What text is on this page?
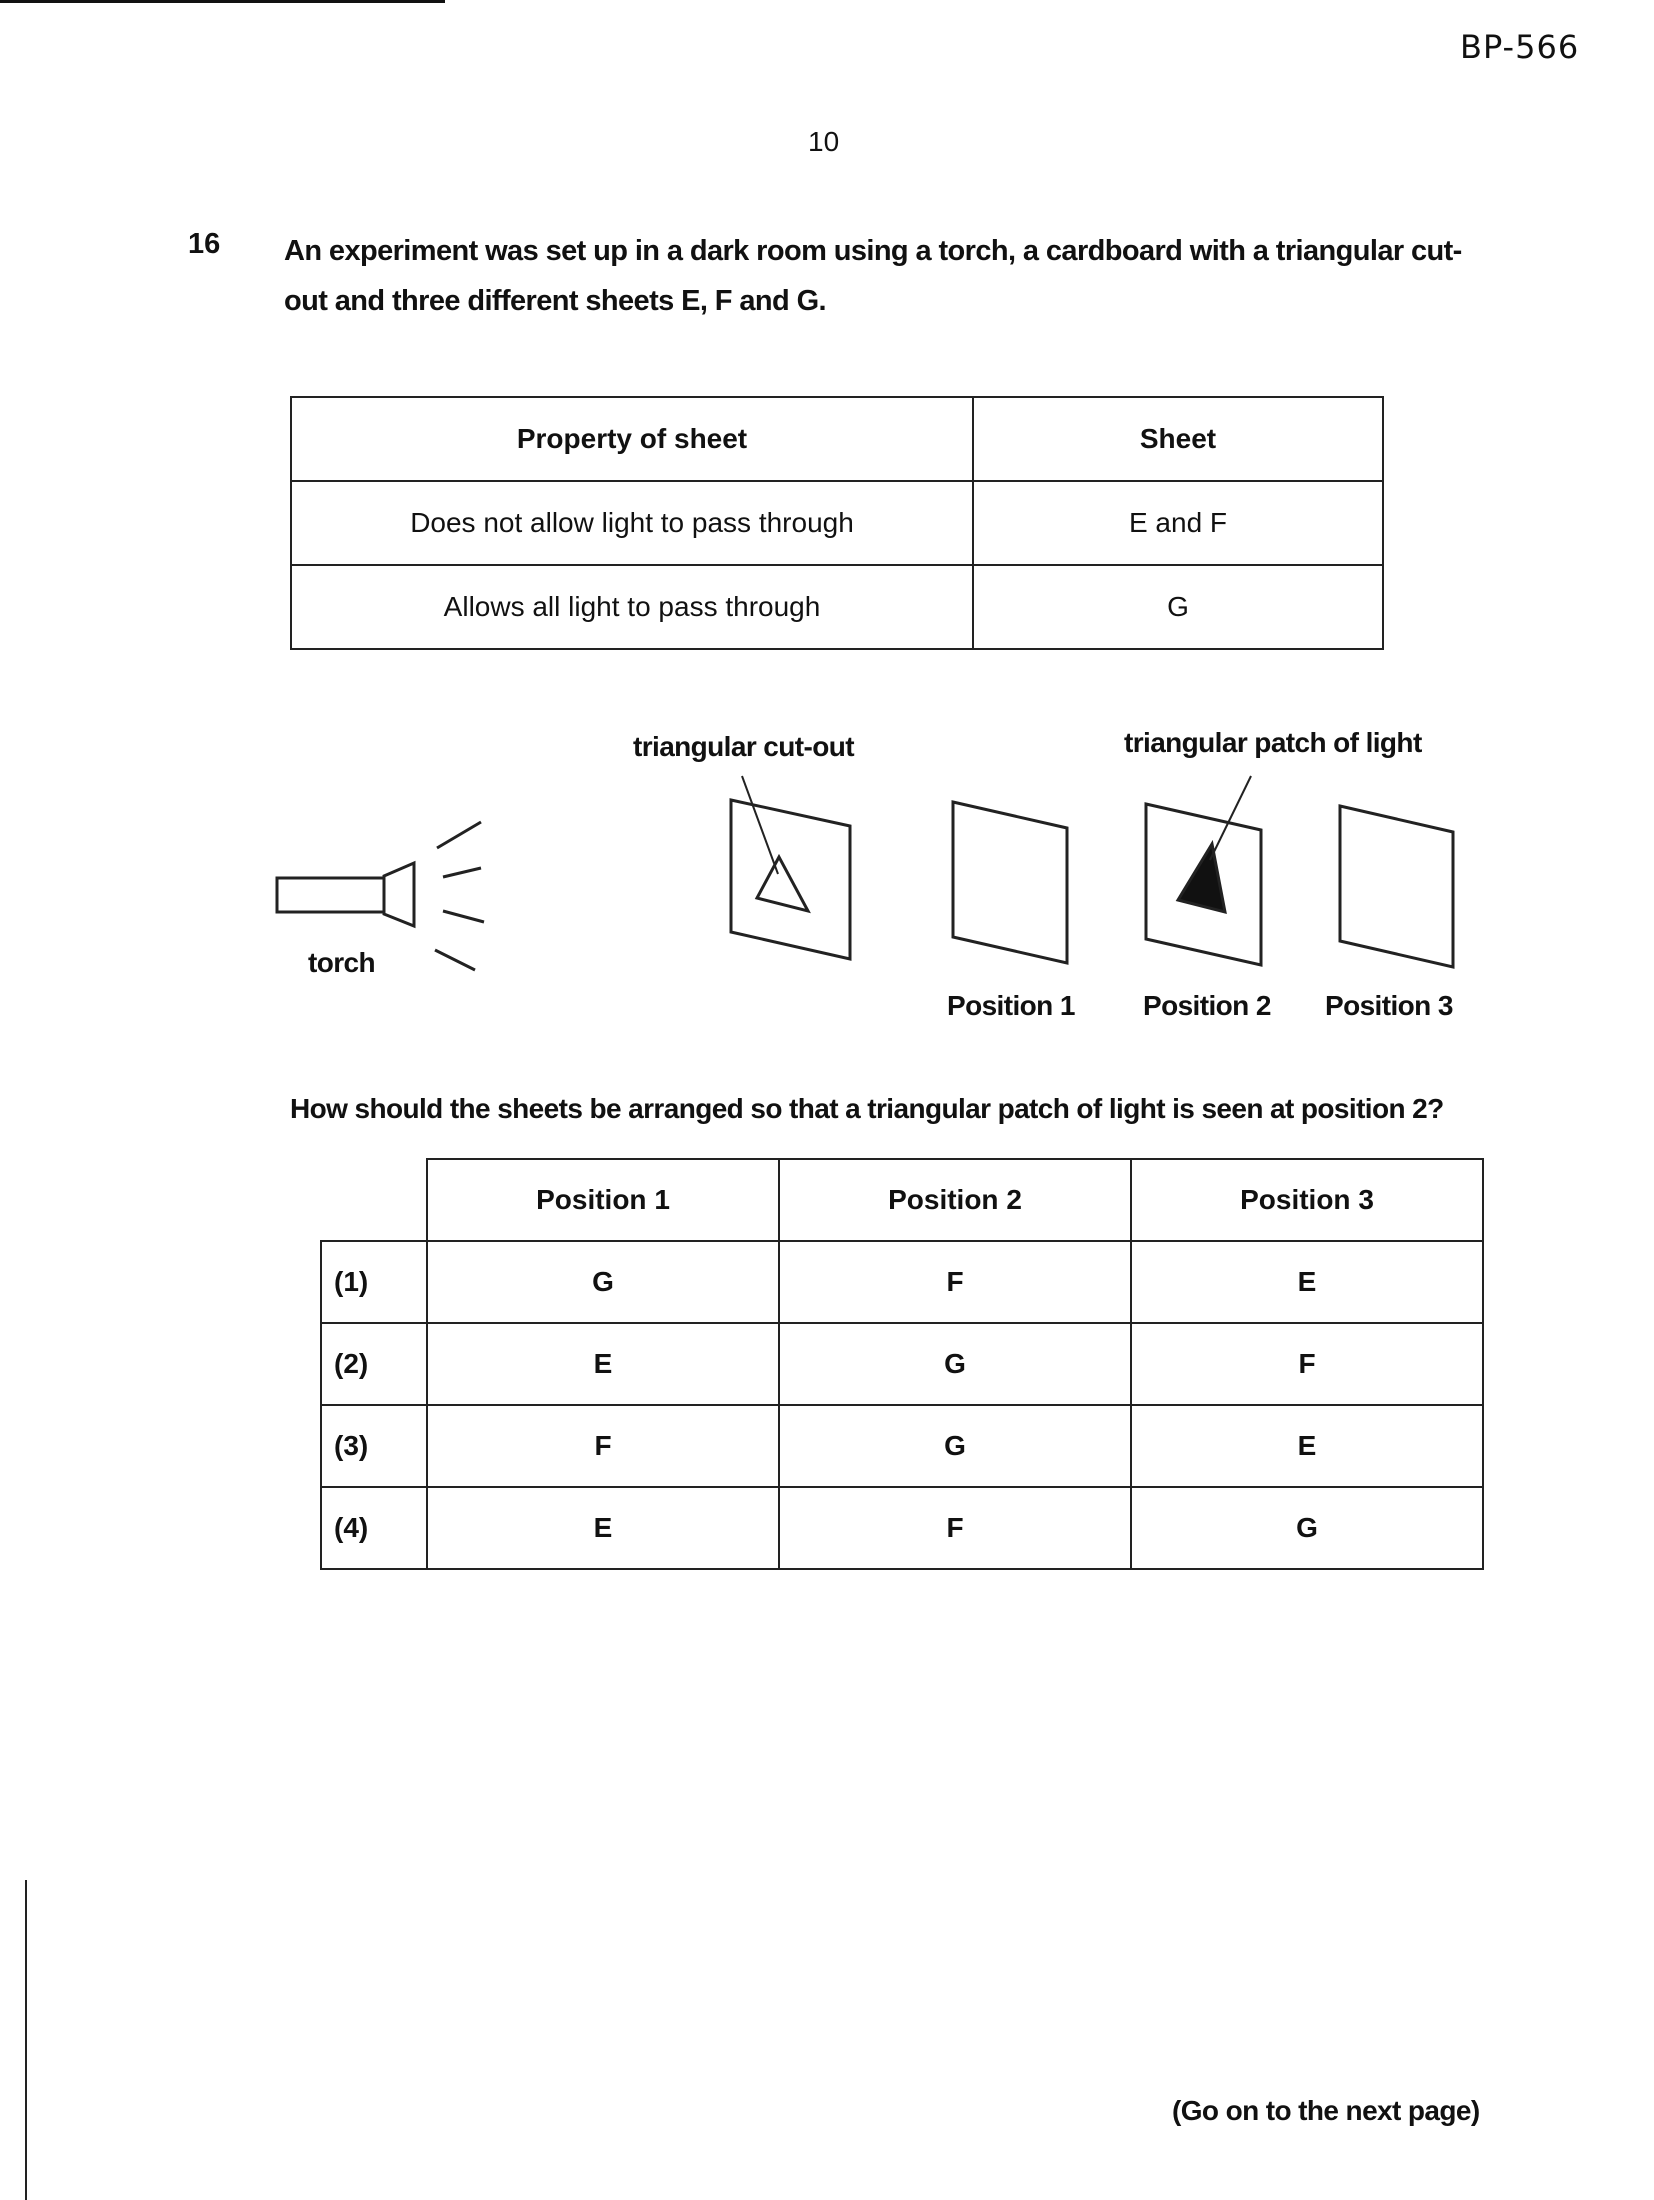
BP-566
10
16 An experiment was set up in a dark room using a torch, a cardboard with a triangular cut-out and three different sheets E, F and G.
Property of sheet	Sheet
Does not allow light to pass through	E and F
Allows all light to pass through	G
torch
triangular cut-out	triangular patch of light
Position 1 Position 2 Position 3
How should the sheets be arranged so that a triangular patch of light is seen at position 2?
	Position 1	Position 2	Position 3
(1)	G	F	E
(2)	E	G	F
(3)	F	G	E
(4)	E	F	G
(Go on to the next page)
